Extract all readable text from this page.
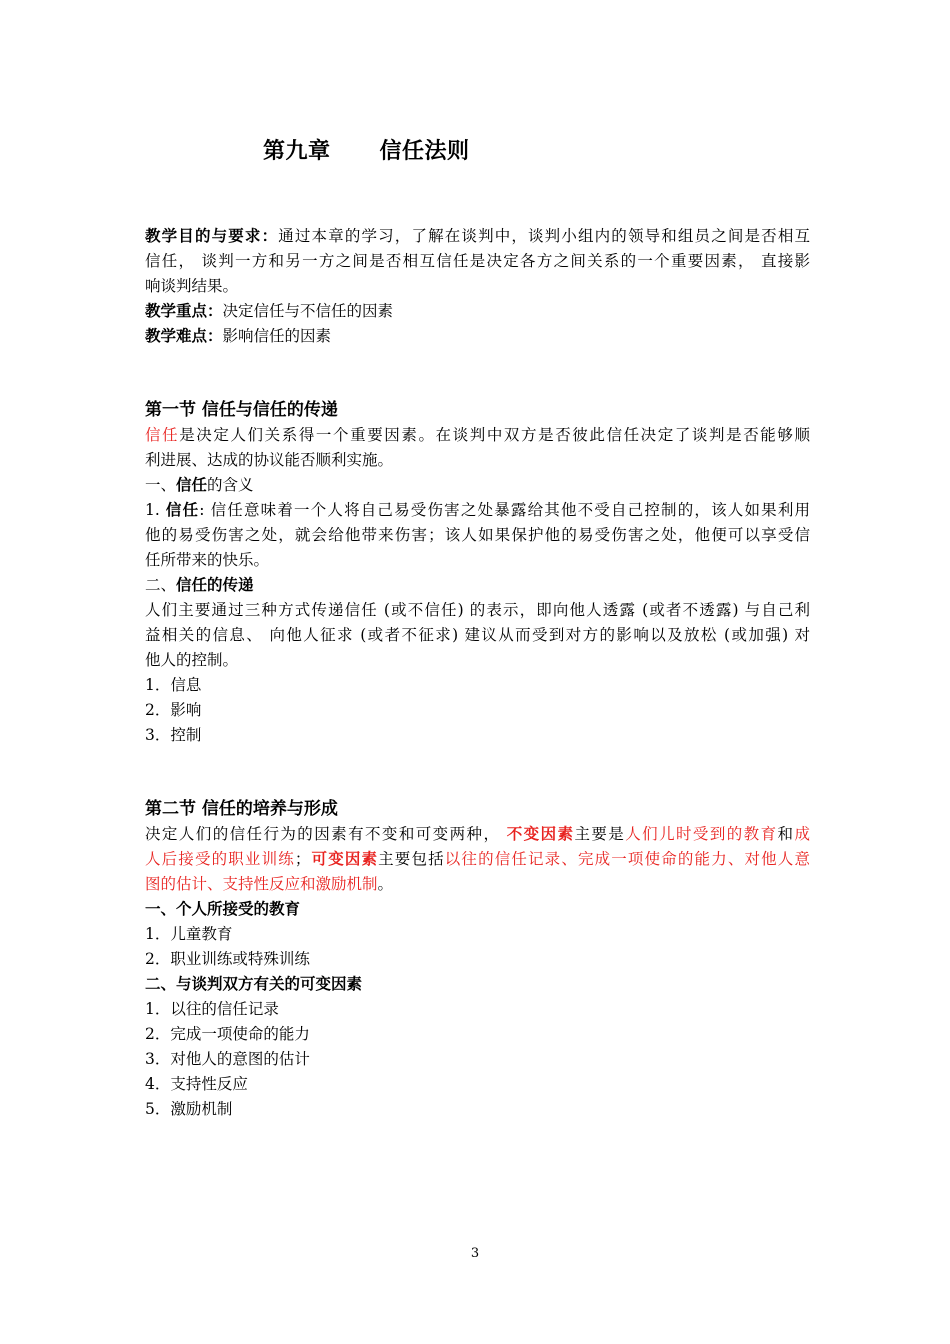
第九章      信任法则
教学目的与要求：通过本章的学习，了解在谈判中，谈判小组内的领导和组员之间是否相互
信任， 谈判一方和另一方之间是否相互信任是决定各方之间关系的一个重要因素， 直接影
响谈判结果。
教学重点：决定信任与不信任的因素
教学难点：影响信任的因素
第一节 信任与信任的传递
信任是决定人们关系得一个重要因素。在谈判中双方是否彼此信任决定了谈判是否能够顺
利进展、达成的协议能否顺利实施。
一、信任的含义
1. 信任: 信任意味着一个人将自己易受伤害之处暴露给其他不受自己控制的，该人如果利用
他的易受伤害之处，就会给他带来伤害；该人如果保护他的易受伤害之处，他便可以享受信
任所带来的快乐。
二、信任的传递
人们主要通过三种方式传递信任 (或不信任) 的表示，即向他人透露 (或者不透露) 与自己利
益相关的信息、 向他人征求 (或者不征求) 建议从而受到对方的影响以及放松 (或加强) 对
他人的控制。
1．信息
2．影响
3．控制
第二节 信任的培养与形成
决定人们的信任行为的因素有不变和可变两种， 不变因素主要是人们儿时受到的教育和成
人后接受的职业训练；可变因素主要包括以往的信任记录、完成一项使命的能力、对他人意
图的估计、支持性反应和激励机制。
一、个人所接受的教育
1．儿童教育
2．职业训练或特殊训练
二、与谈判双方有关的可变因素
1．以往的信任记录
2．完成一项使命的能力
3．对他人的意图的估计
4．支持性反应
5．激励机制
3
